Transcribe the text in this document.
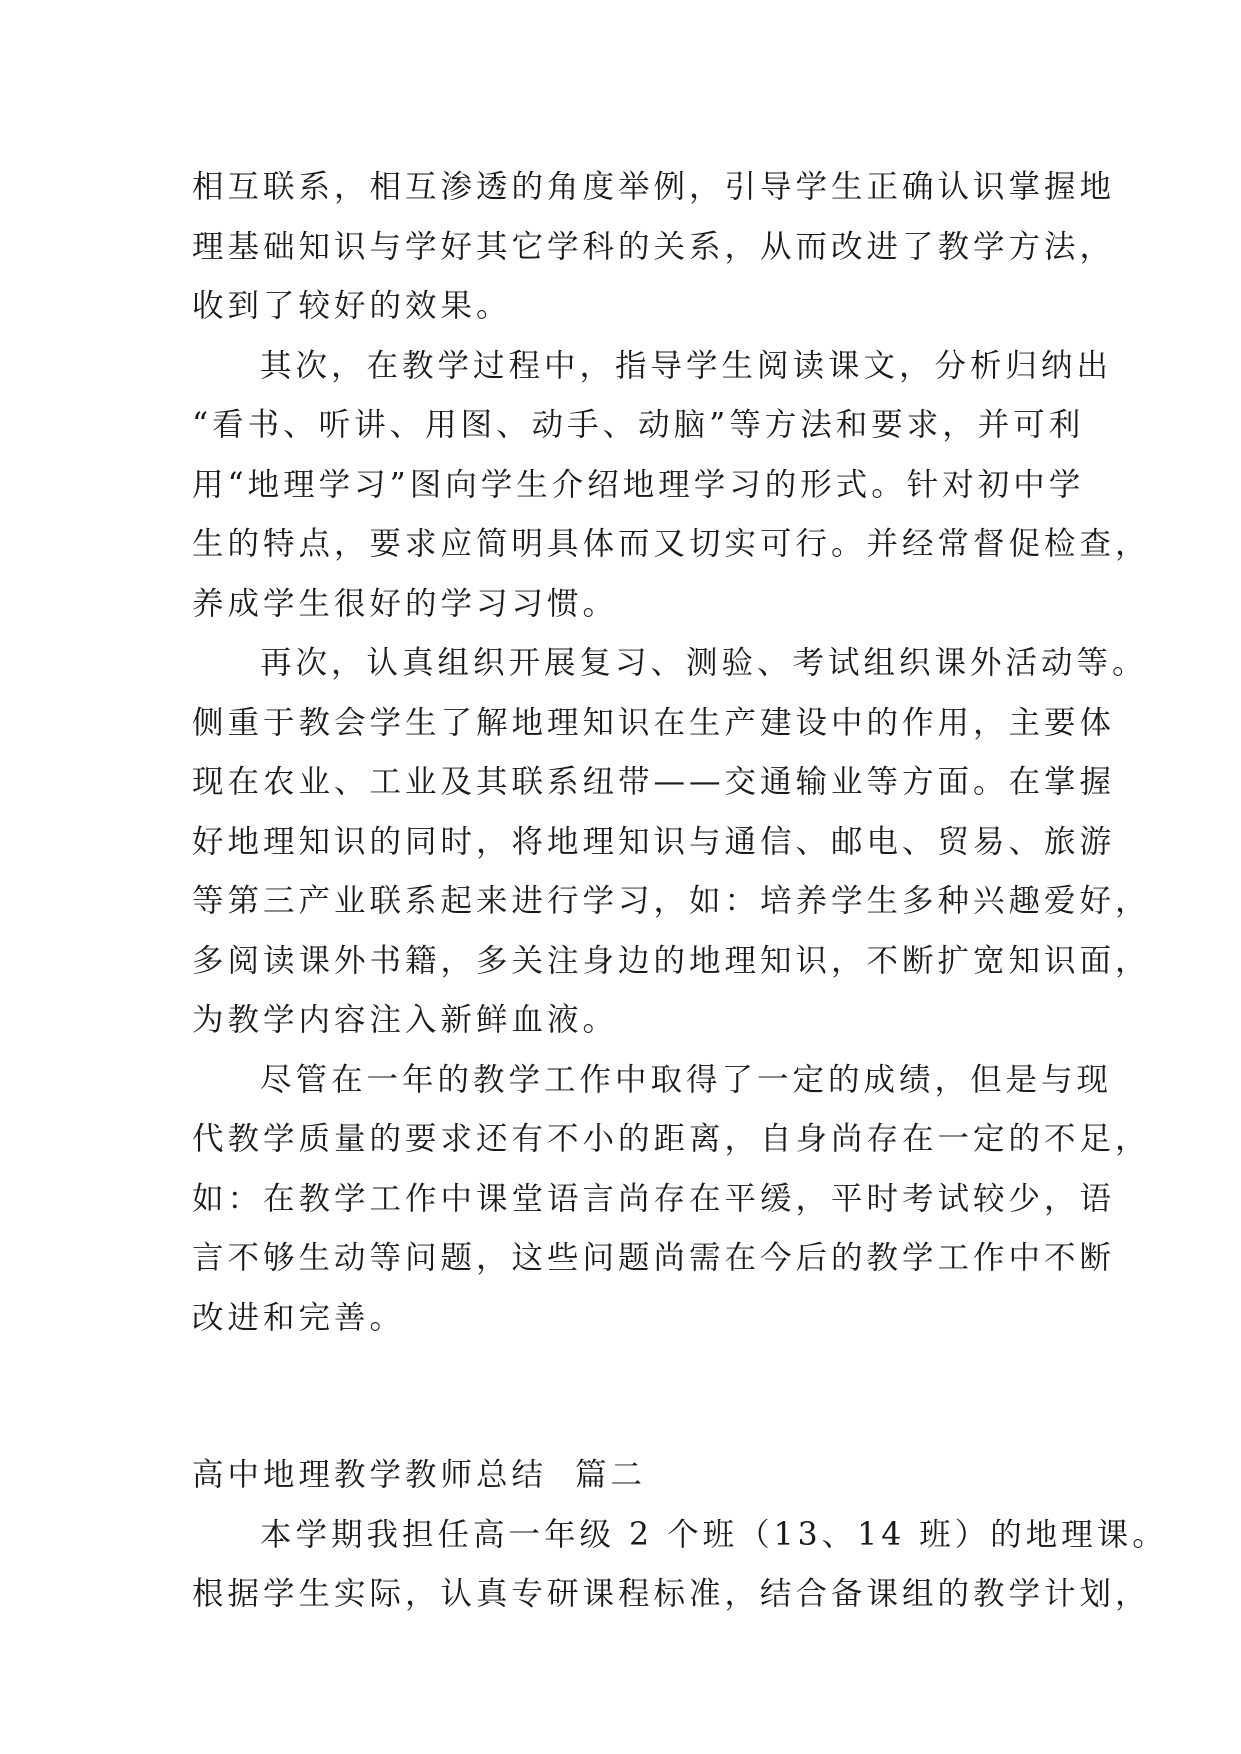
相互联系，相互渗透的角度举例，引导学生正确认识掌握地
理基础知识与学好其它学科的关系，从而改进了教学方法，
收到了较好的效果。
其次，在教学过程中，指导学生阅读课文，分析归纳出
“看书、听讲、用图、动手、动脑”等方法和要求，并可利
用“地理学习”图向学生介绍地理学习的形式。针对初中学
生的特点，要求应简明具体而又切实可行。并经常督促检查，
养成学生很好的学习习惯。
再次，认真组织开展复习、测验、考试组织课外活动等。
侧重于教会学生了解地理知识在生产建设中的作用，主要体
现在农业、工业及其联系纽带——交通输业等方面。在掌握
好地理知识的同时，将地理知识与通信、邮电、贸易、旅游
等第三产业联系起来进行学习，如：培养学生多种兴趣爱好，
多阅读课外书籍，多关注身边的地理知识，不断扩宽知识面，
为教学内容注入新鲜血液。
尽管在一年的教学工作中取得了一定的成绩，但是与现
代教学质量的要求还有不小的距离，自身尚存在一定的不足，
如：在教学工作中课堂语言尚存在平缓，平时考试较少，语
言不够生动等问题，这些问题尚需在今后的教学工作中不断
改进和完善。
高中地理教学教师总结  篇二
本学期我担任高一年级 2 个班（13、14 班）的地理课。
根据学生实际，认真专研课程标准，结合备课组的教学计划，
